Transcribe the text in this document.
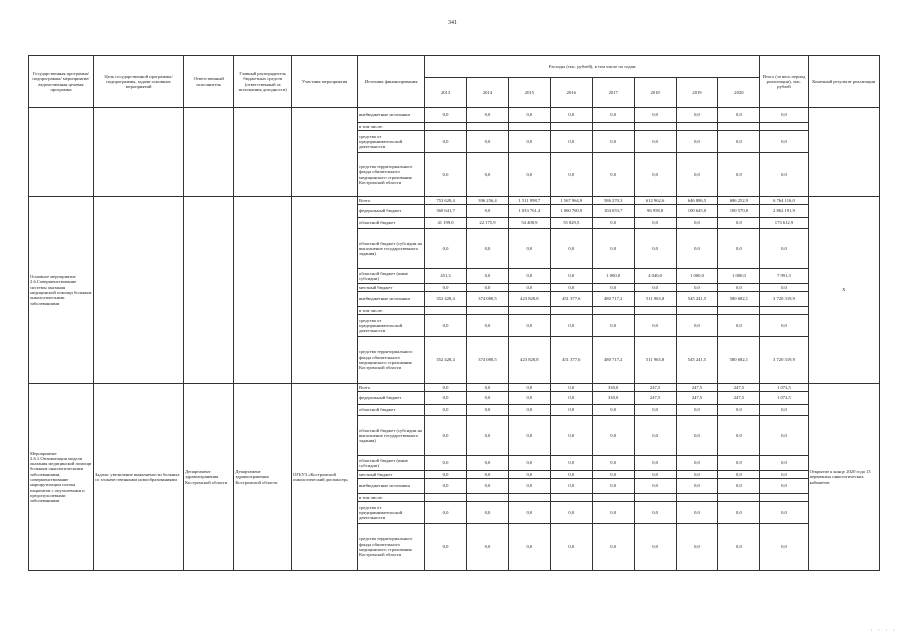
341
Государственная программа/подпрограмма/ мероприятие/ ведомственная целевая программа	Цель государственной программы/подпрограммы, задачи основных мероприятий	Ответственный исполнитель	Главный распорядитель бюджетных средств (ответственный за исполнения доходности)	Участник мероприятия	Источник финансирования	Расходы (тыс. рублей), в том числе по годам								Итого (за весь период реализации), тыс. рублей	Конечный результат реализации
						2013	2014	2015	2016	2017	2018	2019	2020		
					внебюджетные источники	0,0	0,0	0,0	0,0	0,0	0,0	0,0	0,0	0,0	
					в том числе:										
					средства от предпринимательской деятельности	0,0	0,0	0,0	0,0	0,0	0,0	0,0	0,0	0,0	
					средства территориального фонда обязательного медицинского страхования Костромской области	0,0	0,0	0,0	0,0	0,0	0,0	0,0	0,0	0,0	
Основное мероприятие 2.6.Совершенствование системы оказания медицинской помощи больным онкологическими заболеваниями					Всего	753 620,4	396 256,4	1 511 998,7	1 567 964,9	586 270,3	612 962,6	646 886,5	686 252,9	6 764 116,0	X
					федеральный бюджет	360 641,7	0,0	1 033 761,4	1 060 760,9	104 653,7	96 958,8	100 645,0	100 570,8	2 862 191,9	
					областной бюджет	41 199,0	22 175,9	54 408,9	55 829,5	0,0	0,0	0,0	0,0	173 612,9	
					областной бюджет (субсидии на выполнение государственного задания)	0,0	0,0	0,0	0,0	0,0	0,0	0,0	0,0	0,0	
					областной бюджет (иные субсидии)	451,3	0,0	0,0	0,0	1 000,0	4 040,0	1 000,0	1 000,0	7 991,3	
					местный бюджет	0,0	0,0	0,0	0,0	0,0	0,0	0,0	0,0	0,0	
					внебюджетные источники	352 428,4	374 080,5	423 828,8	451 377,6	480 717,2	511 963,8	545 241,5	580 682,1	3 720 319,9	
					в том числе:										
					средства от предпринимательской деятельности	0,0	0,0	0,0	0,0	0,0	0,0	0,0	0,0	0,0	
					средства территориального фонда обязательного медицинского страхования Костромской области	352 428,4	374 080,5	423 828,8	451 377,6	480 717,2	511 963,8	545 241,5	580 682,1	3 720 319,9	
Мероприятие 2.6.1.Оптимизация модели оказания медицинской помощи больным онкологическими заболеваниями, совершенствование маршрутизации потока пациентов с опухолевыми и предопухолевыми заболеваниями	Задача: увеличение выявляемости больных со злокачественными новообразованиями	Департамент здравоохранения Костромской области	Департамент здравоохранения Костромской области	ОГБУЗ «Костромской онкологический диспансер»	Всего	0,0	0,0	0,0	0,0	330,0	247,5	247,5	247,5	1 072,5	Открытие к концу 2020 года 13 первичных онкологических кабинетов
					федеральный бюджет	0,0	0,0	0,0	0,0	330,0	247,5	247,5	247,5	1 072,5	
					областной бюджет	0,0	0,0	0,0	0,0	0,0	0,0	0,0	0,0	0,0	
					областной бюджет (субсидии на выполнение государственного задания)	0,0	0,0	0,0	0,0	0,0	0,0	0,0	0,0	0,0	
					областной бюджет (иные субсидии)	0,0	0,0	0,0	0,0	0,0	0,0	0,0	0,0	0,0	
					местный бюджет	0,0	0,0	0,0	0,0	0,0	0,0	0,0	0,0	0,0	
					внебюджетные источники	0,0	0,0	0,0	0,0	0,0	0,0	0,0	0,0	0,0	
					в том числе:										
					средства от предпринимательской деятельности	0,0	0,0	0,0	0,0	0,0	0,0	0,0	0,0	0,0	
					средства территориального фонда обязательного медицинского страхования Костромской области	0,0	0,0	0,0	0,0	0,0	0,0	0,0	0,0	0,0	
· · · ·
